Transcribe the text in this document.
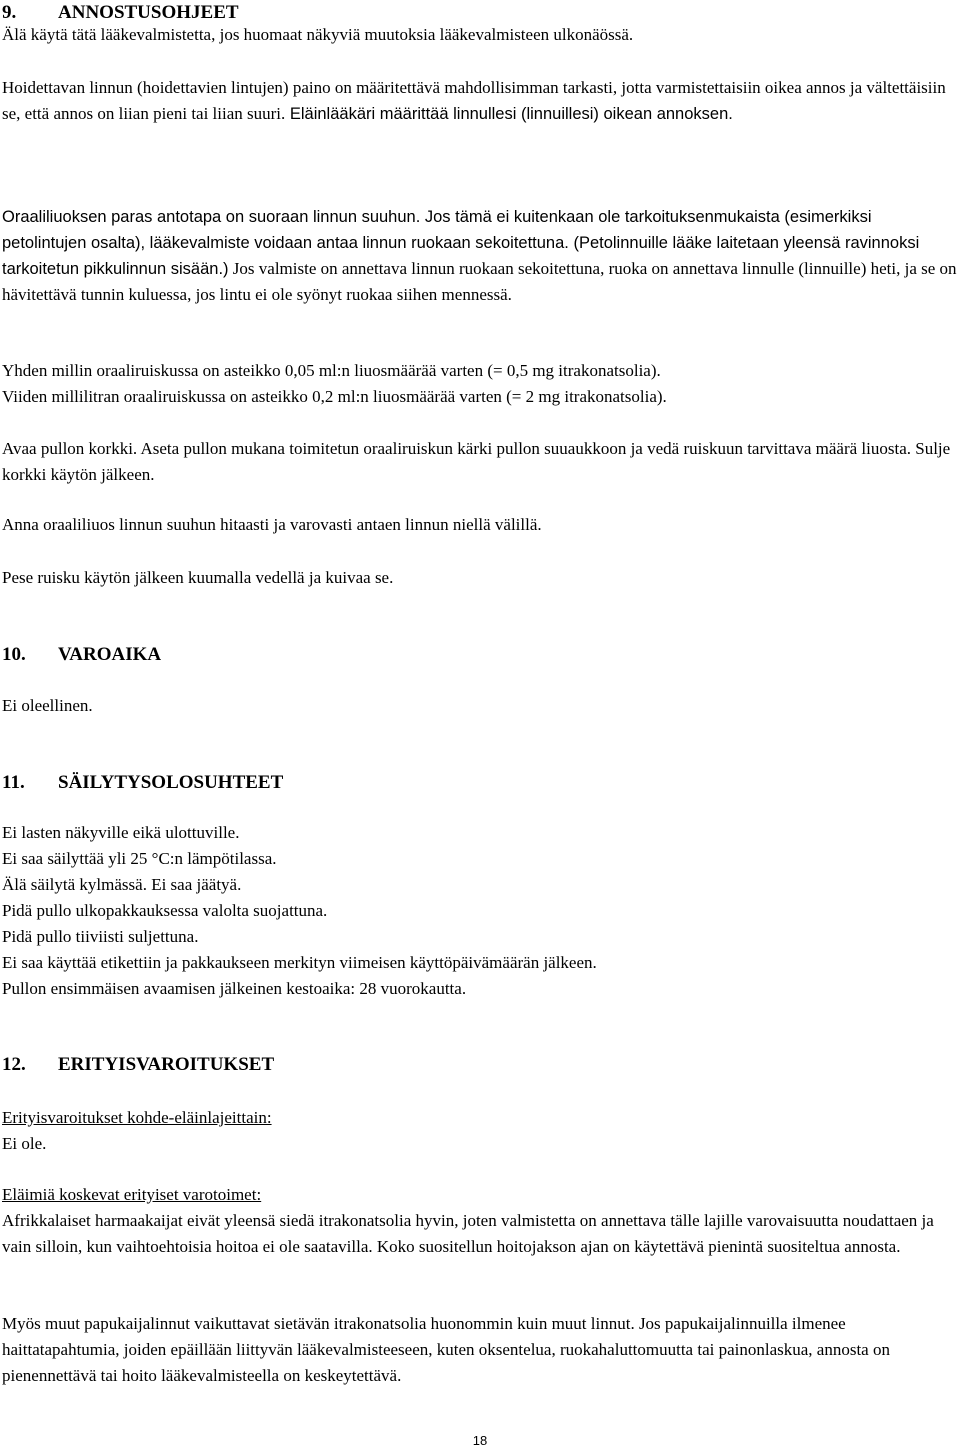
9. ANNOSTUSOHJEET

Älä käytä tätä lääkevalmistetta, jos huomaat näkyviä muutoksia lääkevalmisteen ulkonäössä.

Hoidettavan linnun (hoidettavien lintujen) paino on määritettävä mahdollisimman tarkasti, jotta varmistettaisiin oikea annos ja vältettäisiin se, että annos on liian pieni tai liian suuri. Eläinlääkäri määrittää linnullesi (linnuillesi) oikean annoksen.

Oraaliliuoksen paras antotapa on suoraan linnun suuhun. Jos tämä ei kuitenkaan ole tarkoituksenmukaista (esimerkiksi petolintujen osalta), lääkevalmiste voidaan antaa linnun ruokaan sekoitettuna. (Petolinnuille lääke laitetaan yleensä ravinnoksi tarkoitetun pikkulinnun sisään.) Jos valmiste on annettava linnun ruokaan sekoitettuna, ruoka on annettava linnulle (linnuille) heti, ja se on hävitettävä tunnin kuluessa, jos lintu ei ole syönyt ruokaa siihen mennessä.

Yhden millin oraaliruiskussa on asteikko 0,05 ml:n liuosmäärää varten (= 0,5 mg itrakonatsolia).

Viiden millilitran oraaliruiskussa on asteikko 0,2 ml:n liuosmäärää varten (= 2 mg itrakonatsolia).

Avaa pullon korkki. Aseta pullon mukana toimitetun oraaliruiskun kärki pullon suuaukkoon ja vedä ruiskuun tarvittava määrä liuosta. Sulje korkki käytön jälkeen.

Anna oraaliliuos linnun suuhun hitaasti ja varovasti antaen linnun niellä välillä.

Pese ruisku käytön jälkeen kuumalla vedellä ja kuivaa se.

10. VAROAIKA

Ei oleellinen.

11. SÄILYTYSOLOSUHTEET

Ei lasten näkyville eikä ulottuville.

Ei saa säilyttää yli 25 °C:n lämpötilassa.

Älä säilytä kylmässä. Ei saa jäätyä.

Pidä pullo ulkopakkauksessa valolta suojattuna.

Pidä pullo tiiviisti suljettuna.

Ei saa käyttää etikettiin ja pakkaukseen merkityn viimeisen käyttöpäivämäärän jälkeen.

Pullon ensimmäisen avaamisen jälkeinen kestoaika: 28 vuorokautta.

12. ERITYISVAROITUKSET

Erityisvaroitukset kohde-eläinlajeittain:

Ei ole.

Eläimiä koskevat erityiset varotoimet:

Afrikkalaiset harmaakaijat eivät yleensä siedä itrakonatsolia hyvin, joten valmistetta on annettava tälle lajille varovaisuutta noudattaen ja vain silloin, kun vaihtoehtoisia hoitoa ei ole saatavilla. Koko suositellun hoitojakson ajan on käytettävä pienintä suositeltua annosta.

Myös muut papukaijalinnut vaikuttavat sietävän itrakonatsolia huonommin kuin muut linnut. Jos papukaijalinnuilla ilmenee haittatapahtumia, joiden epäillään liittyvän lääkevalmisteeseen, kuten oksentelua, ruokahaluttomuutta tai painonlaskua, annosta on pienennettävä tai hoito lääkevalmisteella on keskeytettävä.

18
